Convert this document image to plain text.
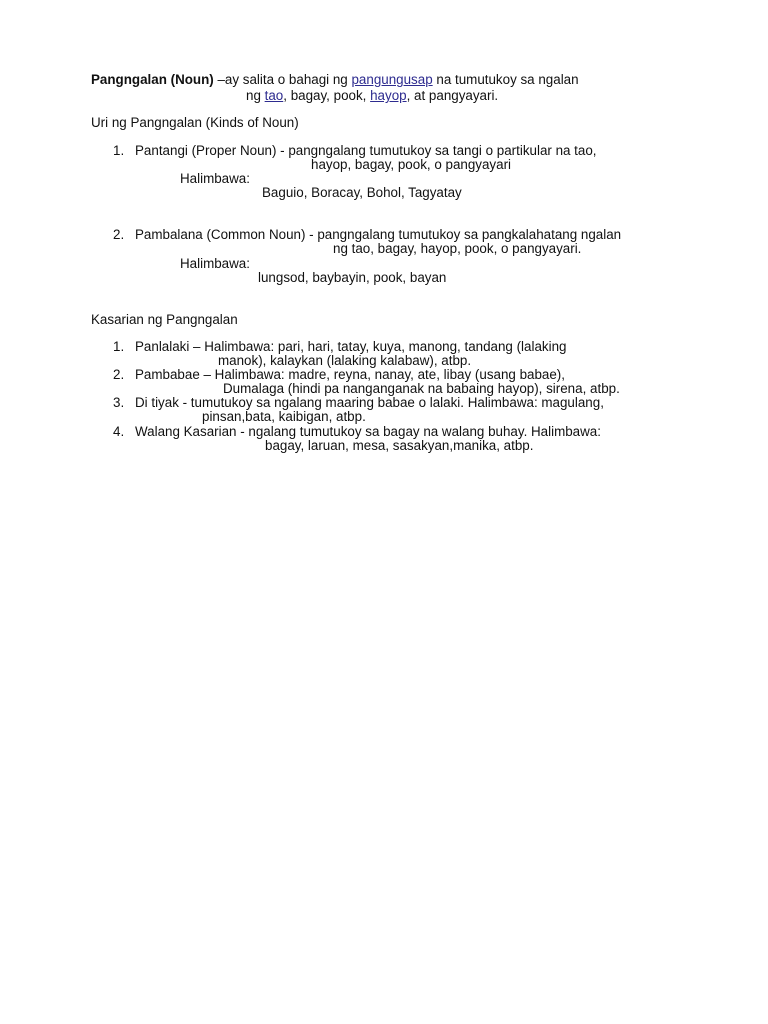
Pangngalan (Noun) –ay salita o bahagi ng pangungusap na tumutukoy sa ngalan
ng tao, bagay, pook, hayop, at pangyayari.
Uri ng Pangngalan (Kinds of Noun)
1. Pantangi (Proper Noun) - pangngalang tumutukoy sa tangi o partikular na tao,
hayop, bagay, pook, o pangyayari
Halimbawa:
Baguio, Boracay, Bohol, Tagyatay
2. Pambalana (Common Noun) - pangngalang tumutukoy sa pangkalahatang ngalan
ng tao, bagay, hayop, pook, o pangyayari.
Halimbawa:
lungsod, baybayin, pook, bayan
Kasarian ng Pangngalan
1. Panlalaki – Halimbawa: pari, hari, tatay, kuya, manong, tandang (lalaking
manok), kalaykan (lalaking kalabaw), atbp.
2. Pambabae – Halimbawa: madre, reyna, nanay, ate, libay (usang babae),
Dumalaga (hindi pa nanganganak na babaing hayop), sirena, atbp.
3. Di tiyak - tumutukoy sa ngalang maaring babae o lalaki. Halimbawa: magulang,
pinsan,bata, kaibigan, atbp.
4. Walang Kasarian - ngalang tumutukoy sa bagay na walang buhay. Halimbawa:
bagay, laruan, mesa, sasakyan,manika, atbp.
